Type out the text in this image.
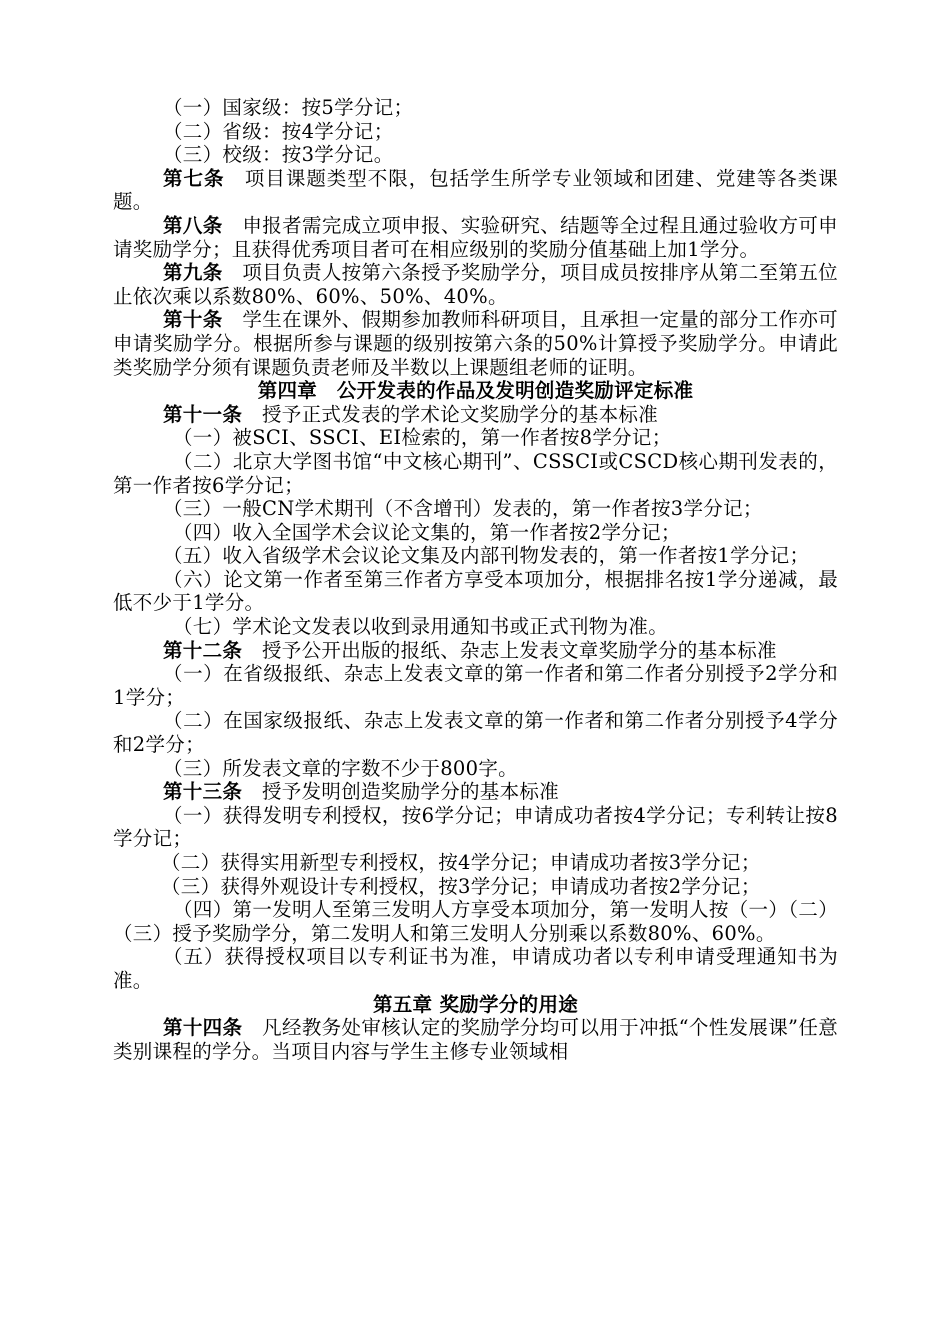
（一）国家级：按5学分记；

（二）省级：按4学分记；

（三）校级：按3学分记。

第七条　项目课题类型不限，包括学生所学专业领域和团建、党建等各类课题。

第八条　申报者需完成立项申报、实验研究、结题等全过程且通过验收方可申请奖励学分；且获得优秀项目者可在相应级别的奖励分值基础上加1学分。

第九条　项目负责人按第六条授予奖励学分，项目成员按排序从第二至第五位止依次乘以系数80%、60%、50%、40%。

第十条　学生在课外、假期参加教师科研项目，且承担一定量的部分工作亦可申请奖励学分。根据所参与课题的级别按第六条的50%计算授予奖励学分。申请此类奖励学分须有课题负责老师及半数以上课题组老师的证明。

第四章　公开发表的作品及发明创造奖励评定标准

第十一条　授予正式发表的学术论文奖励学分的基本标准

（一）被SCI、SSCI、EI检索的，第一作者按8学分记；

（二）北京大学图书馆“中文核心期刊”、CSSCI或CSCD核心期刊发表的，第一作者按6学分记；

（三）一般CN学术期刊（不含增刊）发表的，第一作者按3学分记；

（四）收入全国学术会议论文集的，第一作者按2学分记；

（五）收入省级学术会议论文集及内部刊物发表的，第一作者按1学分记；

（六）论文第一作者至第三作者方享受本项加分，根据排名按1学分递减，最低不少于1学分。

（七）学术论文发表以收到录用通知书或正式刊物为准。

第十二条　授予公开出版的报纸、杂志上发表文章奖励学分的基本标准

（一）在省级报纸、杂志上发表文章的第一作者和第二作者分别授予2学分和1学分；

（二）在国家级报纸、杂志上发表文章的第一作者和第二作者分别授予4学分和2学分；

（三）所发表文章的字数不少于800字。

第十三条　授予发明创造奖励学分的基本标准

（一）获得发明专利授权，按6学分记；申请成功者按4学分记；专利转让按8学分记；

（二）获得实用新型专利授权，按4学分记；申请成功者按3学分记；

（三）获得外观设计专利授权，按3学分记；申请成功者按2学分记；

（四）第一发明人至第三发明人方享受本项加分，第一发明人按（一）（二）（三）授予奖励学分，第二发明人和第三发明人分别乘以系数80%、60%。

（五）获得授权项目以专利证书为准，申请成功者以专利申请受理通知书为准。

第五章 奖励学分的用途

第十四条　凡经教务处审核认定的奖励学分均可以用于冲抵“个性发展课”任意类别课程的学分。当项目内容与学生主修专业领域相
